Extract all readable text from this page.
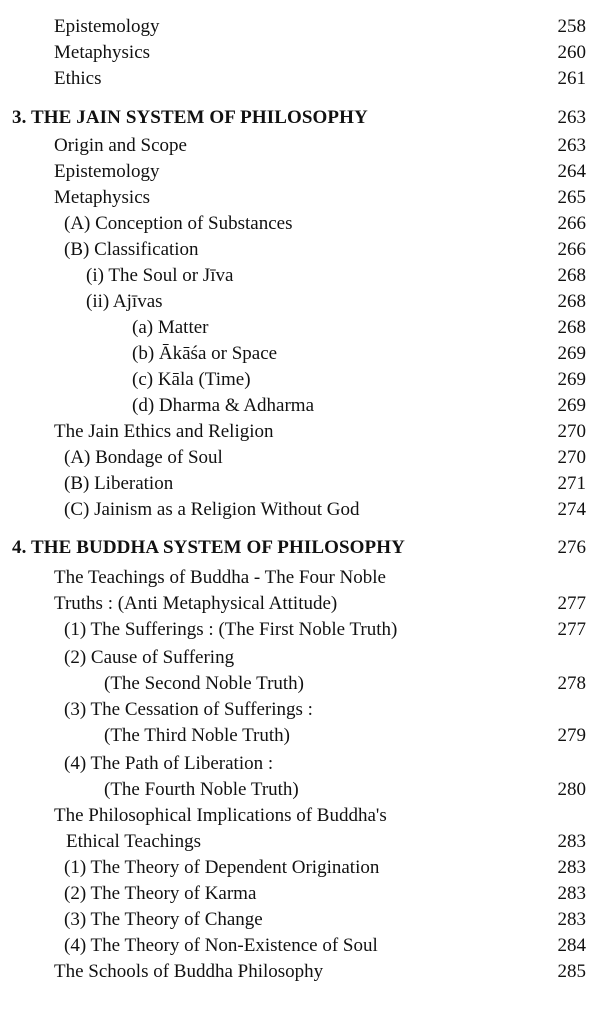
Epistemology	258
Metaphysics	260
Ethics	261
3. THE JAIN SYSTEM OF PHILOSOPHY	263
Origin and Scope	263
Epistemology	264
Metaphysics	265
(A) Conception of Substances	266
(B) Classification	266
(i) The Soul or Jīva	268
(ii) Ajīvas	268
(a) Matter	268
(b) Ākāśa or Space	269
(c) Kāla (Time)	269
(d) Dharma & Adharma	269
The Jain Ethics and Religion	270
(A) Bondage of Soul	270
(B) Liberation	271
(C) Jainism as a Religion Without God	274
4. THE BUDDHA SYSTEM OF PHILOSOPHY	276
The Teachings of Buddha - The Four Noble
Truths : (Anti Metaphysical Attitude)	277
(1) The Sufferings : (The First Noble Truth)	277
(2) Cause of Suffering
(The Second Noble Truth)	278
(3) The Cessation of Sufferings :
(The Third Noble Truth)	279
(4) The Path of Liberation :
(The Fourth Noble Truth)	280
The Philosophical Implications of Buddha's
Ethical Teachings	283
(1) The Theory of Dependent Origination	283
(2) The Theory of Karma	283
(3) The Theory of Change	283
(4) The Theory of Non-Existence of Soul	284
The Schools of Buddha Philosophy	285
